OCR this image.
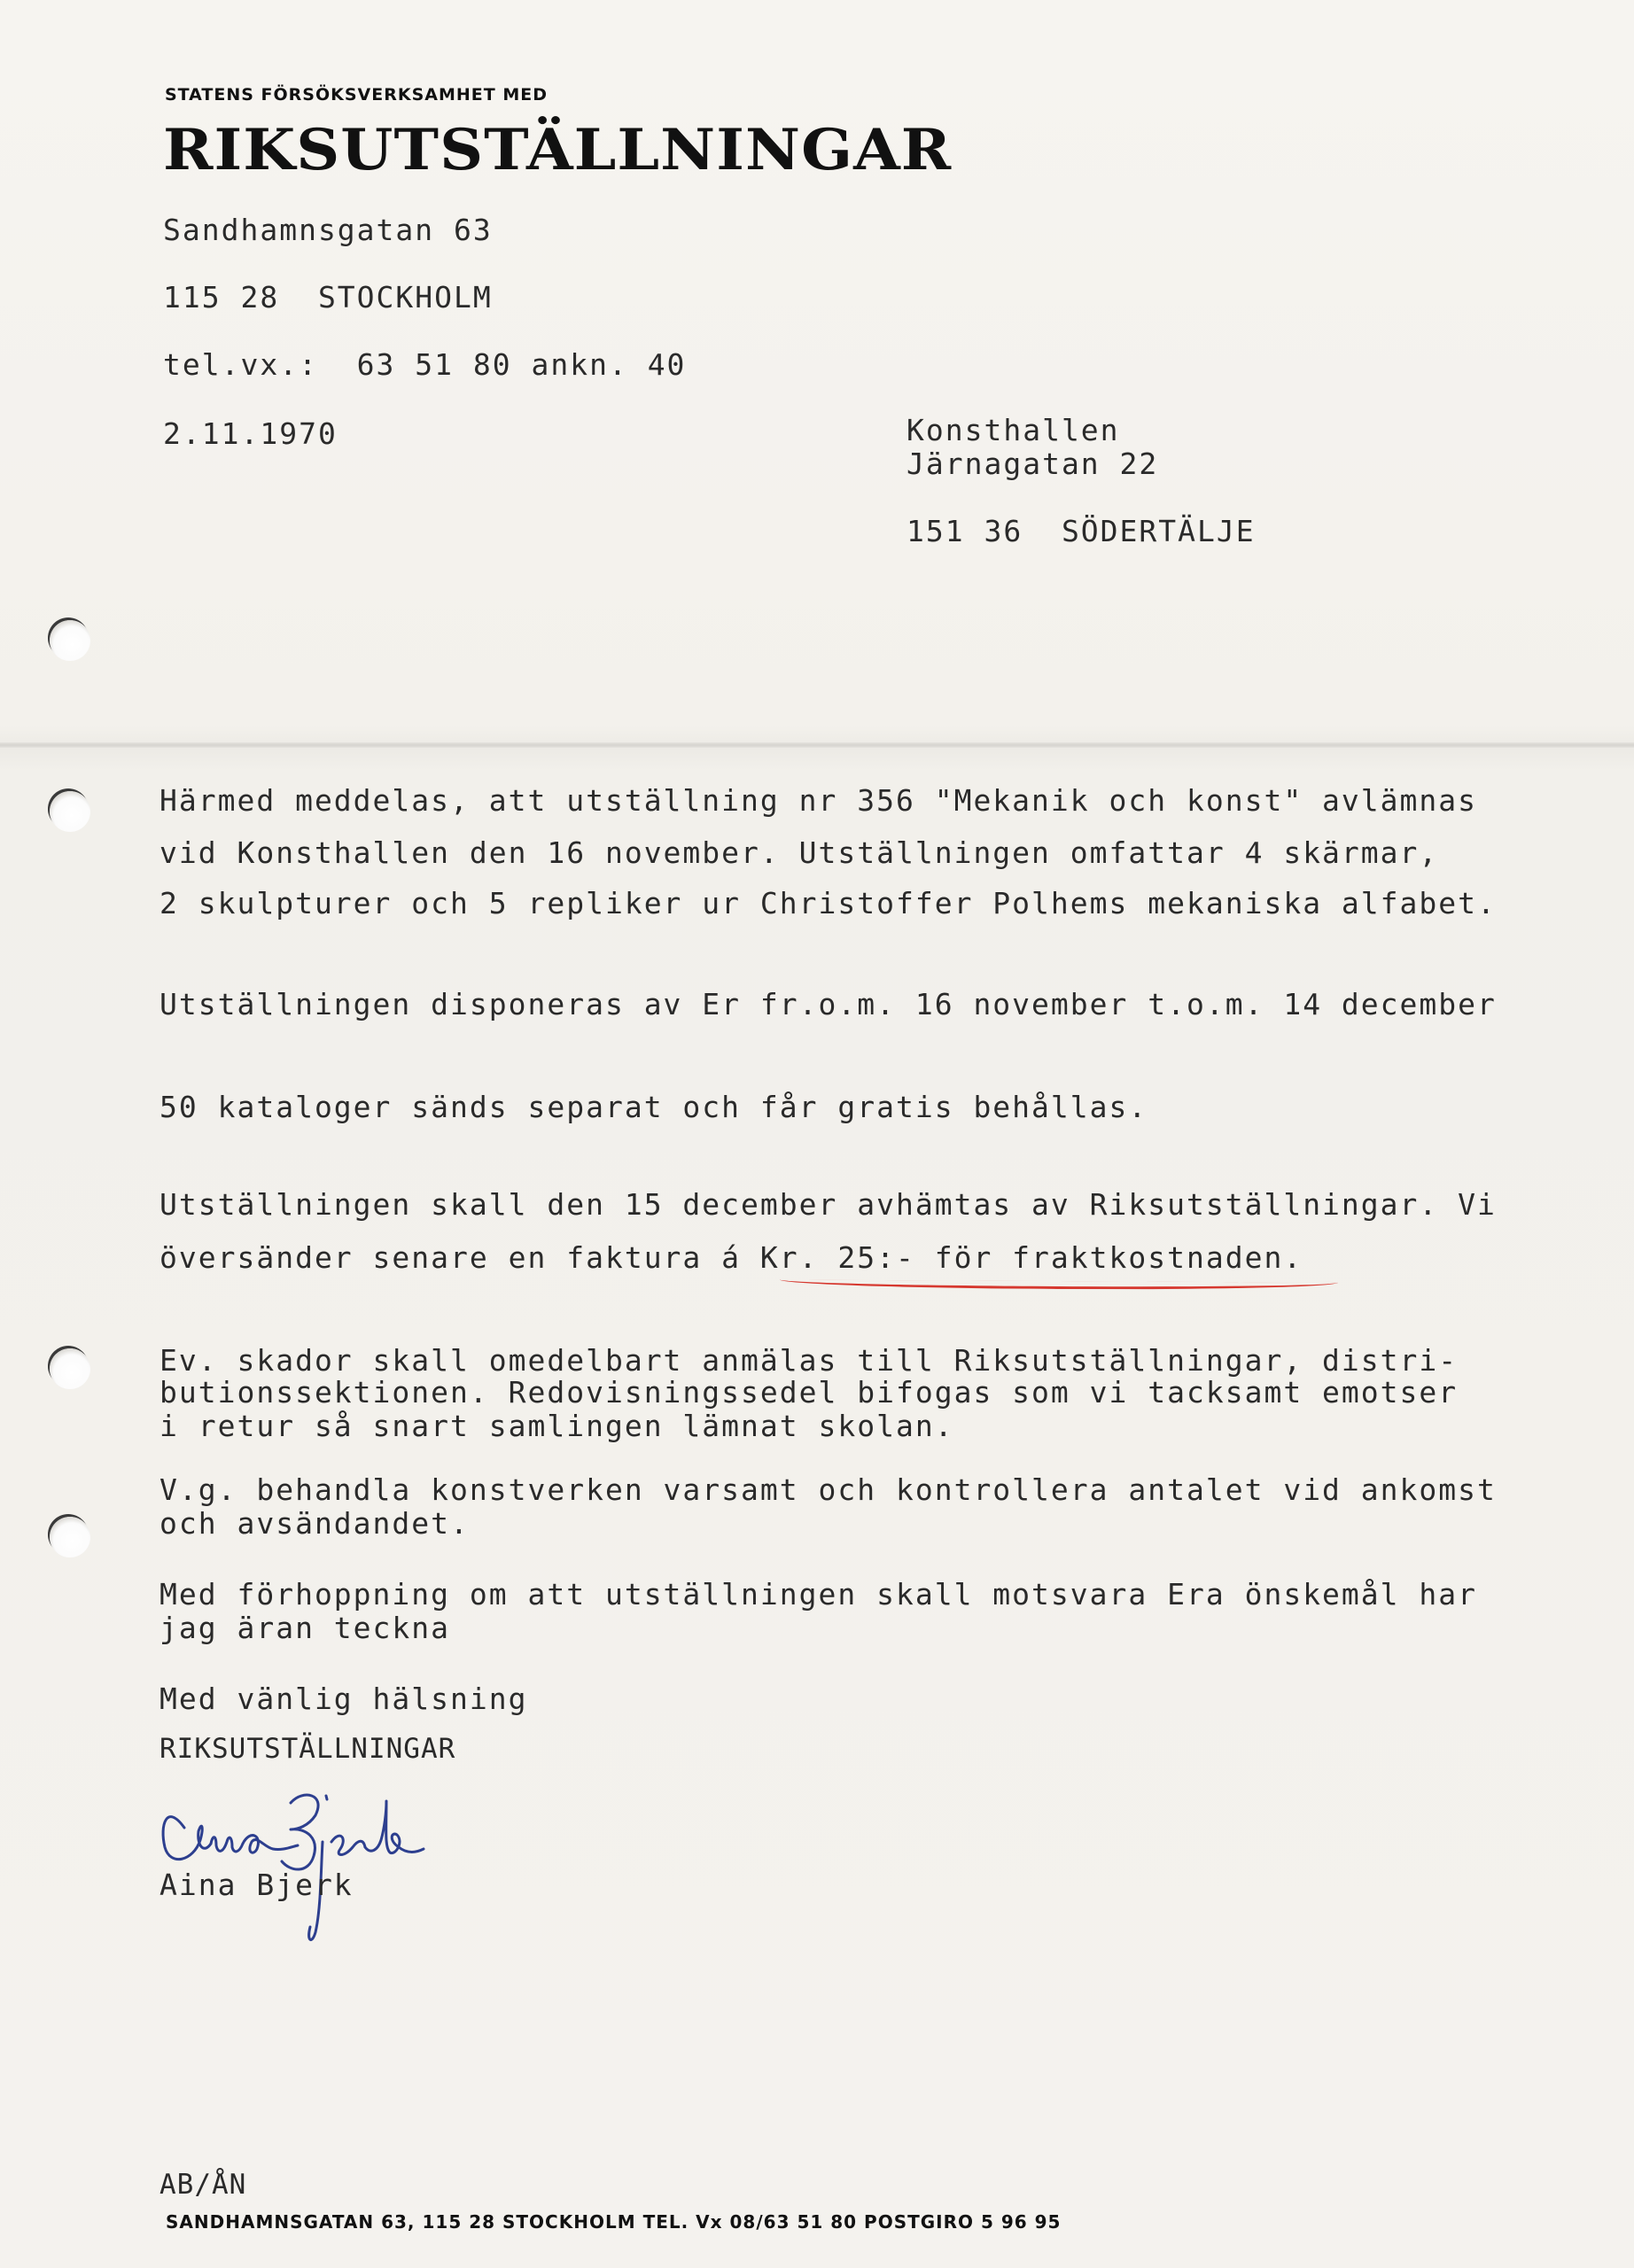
STATENS FÖRSÖKSVERKSAMHET MED
RIKSUTSTÄLLNINGAR
Sandhamnsgatan 63
115 28  STOCKHOLM
tel.vx.:  63 51 80 ankn. 40
2.11.1970	Konsthallen
Järnagatan 22
151 36  SÖDERTÄLJE
Härmed meddelas, att utställning nr 356 "Mekanik och konst" avlämnas
vid Konsthallen den 16 november. Utställningen omfattar 4 skärmar,
2 skulpturer och 5 repliker ur Christoffer Polhems mekaniska alfabet.
Utställningen disponeras av Er fr.o.m. 16 november t.o.m. 14 december
50 kataloger sänds separat och får gratis behållas.
Utställningen skall den 15 december avhämtas av Riksutställningar. Vi
översänder senare en faktura á Kr. 25:- för fraktkostnaden.
Ev. skador skall omedelbart anmälas till Riksutställningar, distri-
butionssektionen. Redovisningssedel bifogas som vi tacksamt emotser
i retur så snart samlingen lämnat skolan.
V.g. behandla konstverken varsamt och kontrollera antalet vid ankomst
och avsändandet.
Med förhoppning om att utställningen skall motsvara Era önskemål har
jag äran teckna
Med vänlig hälsning
RIKSUTSTÄLLNINGAR
Aina Bjerk
Aina Bjerk
AB/ÅN
SANDHAMNSGATAN 63, 115 28 STOCKHOLM TEL. Vx 08/63 51 80 POSTGIRO 5 96 95
